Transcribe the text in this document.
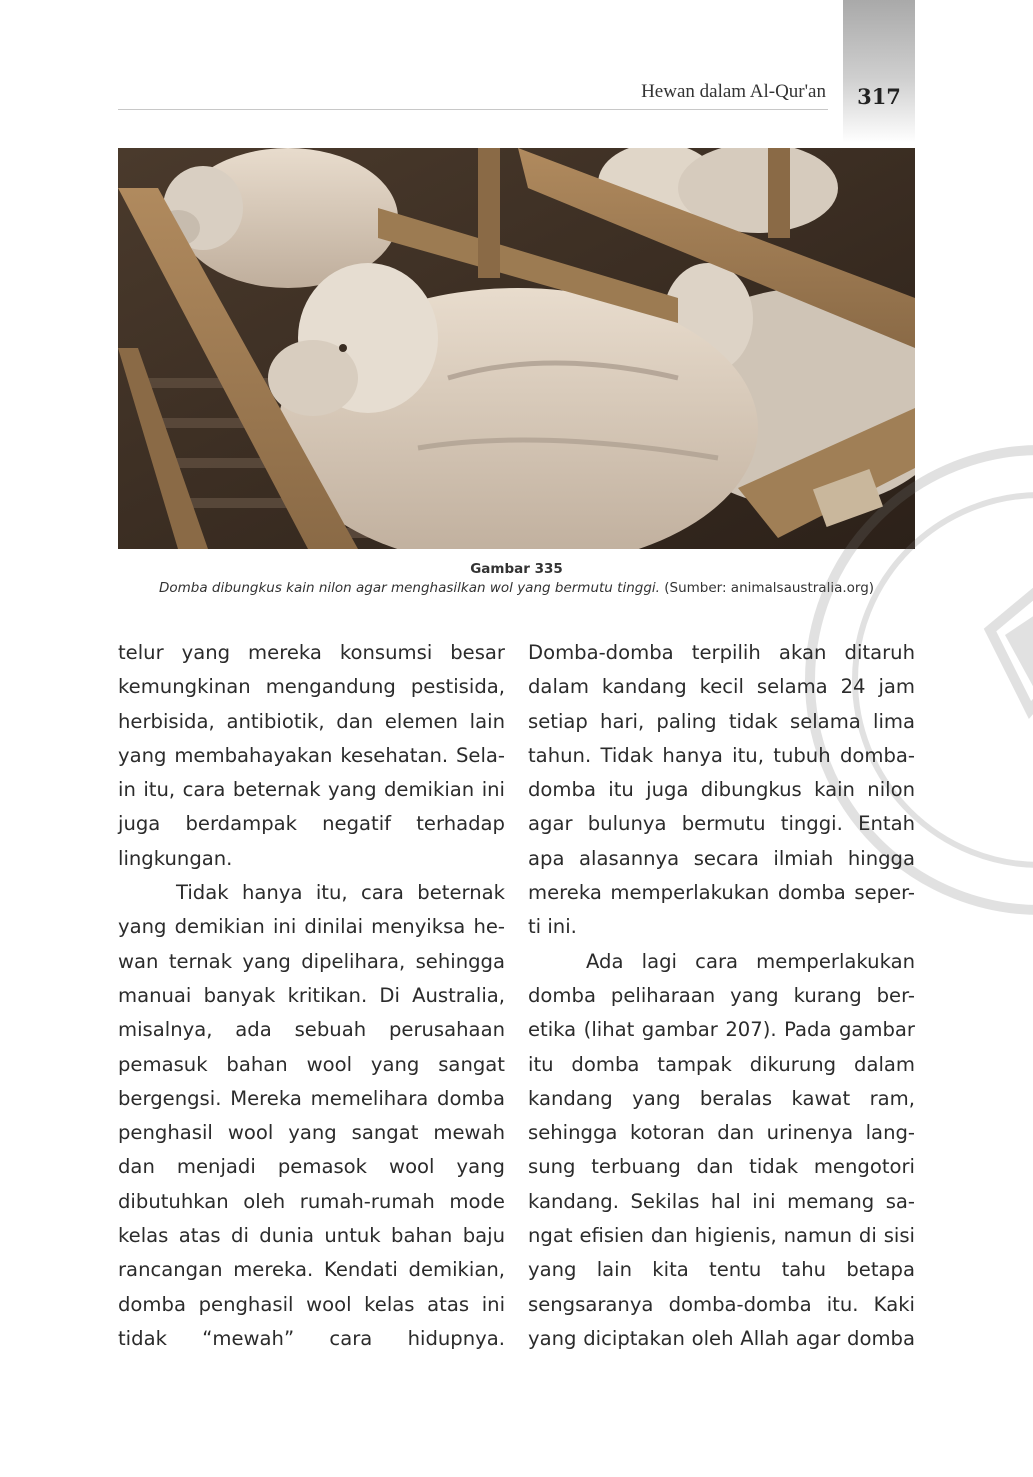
317
Hewan dalam Al-Qur'an
Gambar 335
Domba dibungkus kain nilon agar menghasilkan wol yang bermutu tinggi. (Sumber: animalsaustralia.org)

telur yang mereka konsumsi besar kemungkinan mengandung pestisida, herbisida, antibiotik, dan elemen lain yang membahayakan kesehatan. Sela- in itu, cara beternak yang demikian ini juga berdampak negatif terhadap lingkungan.

Tidak hanya itu, cara beternak yang demikian ini dinilai menyiksa he- wan ternak yang dipelihara, sehingga manuai banyak kritikan. Di Australia, misalnya, ada sebuah perusahaan pemasuk bahan wool yang sangat bergengsi. Mereka memelihara domba penghasil wool yang sangat mewah dan menjadi pemasok wool yang dibutuhkan oleh rumah-rumah mode kelas atas di dunia untuk bahan baju rancangan mereka. Kendati demikian, domba penghasil wool kelas atas ini tidak “mewah” cara hidupnya.

Domba-domba terpilih akan ditaruh dalam kandang kecil selama 24 jam setiap hari, paling tidak selama lima tahun. Tidak hanya itu, tubuh domba- domba itu juga dibungkus kain nilon agar bulunya bermutu tinggi. Entah apa alasannya secara ilmiah hingga mereka memperlakukan domba seper- ti ini.

Ada lagi cara memperlakukan domba peliharaan yang kurang ber- etika (lihat gambar 207). Pada gambar itu domba tampak dikurung dalam kandang yang beralas kawat ram, sehingga kotoran dan urinenya lang- sung terbuang dan tidak mengotori kandang. Sekilas hal ini memang sa- ngat efisien dan higienis, namun di sisi yang lain kita tentu tahu betapa sengsaranya domba-domba itu. Kaki yang diciptakan oleh Allah agar domba
